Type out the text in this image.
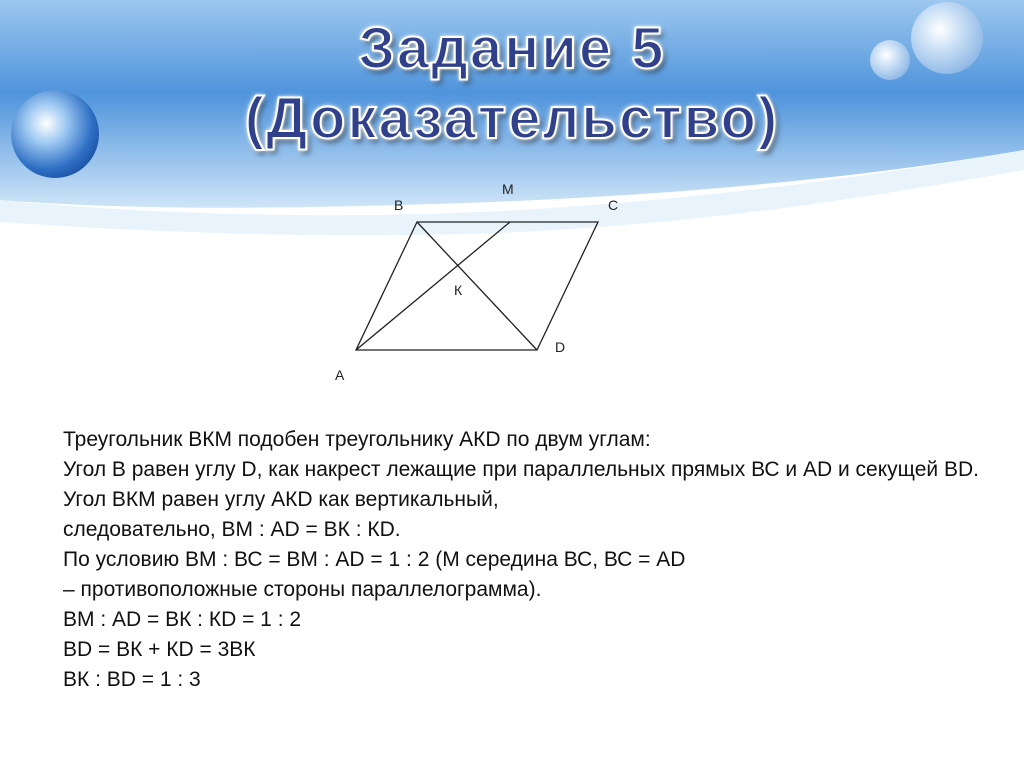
Задание 5
(Доказательство)
B
M
C
К
D
A
Треугольник ВКМ подобен треугольнику АКD по двум углам:
Угол В равен углу D, как накрест лежащие при параллельных прямых ВС и АD и секущей ВD.
Угол ВКМ равен углу АКD как вертикальный,
следовательно, ВМ : АD = ВК : КD.
По условию ВМ : ВС = ВМ : АD = 1 : 2 (М середина ВС, ВС = АD
– противоположные стороны параллелограмма).
ВМ : АD = ВК : КD = 1 : 2
ВD = ВК + КD = 3ВК
ВК : ВD = 1 : 3
